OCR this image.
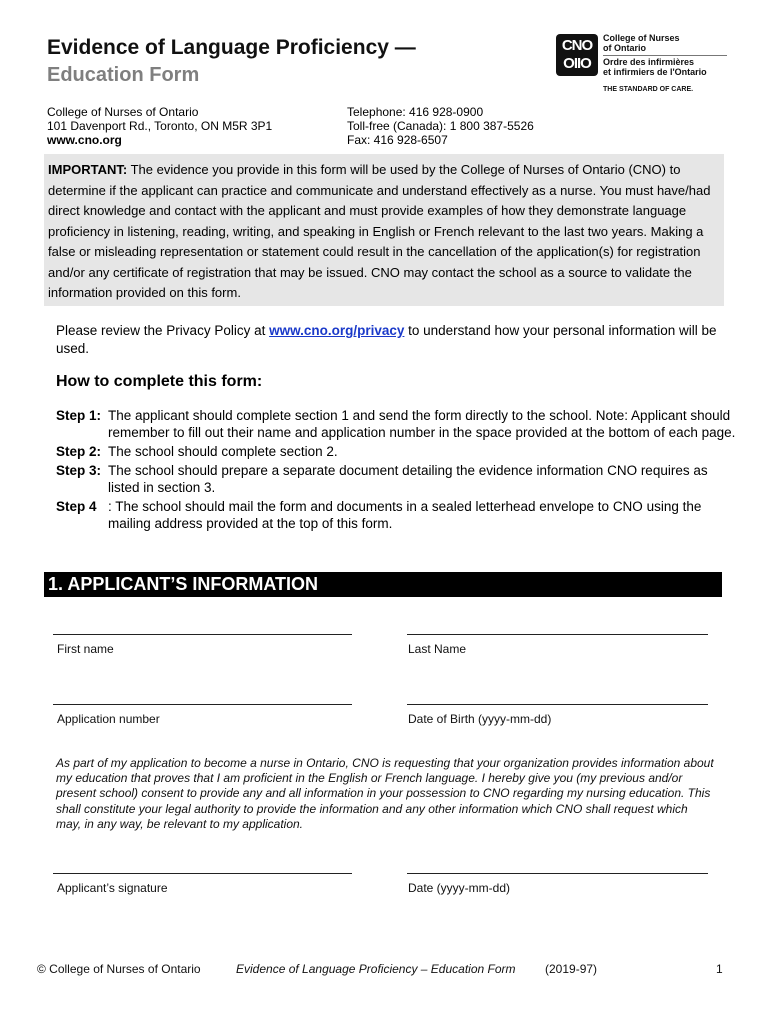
Evidence of Language Proficiency —
Education Form
CNO
OIIO
College of Nurses
of Ontario
Ordre des infirmières
et infirmiers de l'Ontario
THE STANDARD OF CARE.
College of Nurses of Ontario
101 Davenport Rd., Toronto, ON M5R 3P1
www.cno.org
Telephone: 416 928-0900
Toll-free (Canada): 1 800 387-5526
Fax: 416 928-6507
IMPORTANT: The evidence you provide in this form will be used by the College of Nurses of Ontario (CNO) to determine if the applicant can practice and communicate and understand effectively as a nurse. You must have/had direct knowledge and contact with the applicant and must provide examples of how they demonstrate language proficiency in listening, reading, writing, and speaking in English or French relevant to the last two years. Making a false or misleading representation or statement could result in the cancellation of the application(s) for registration and/or any certificate of registration that may be issued. CNO may contact the school as a source to validate the information provided on this form.
Please review the Privacy Policy at www.cno.org/privacy to understand how your personal information will be used.
How to complete this form:
Step 1: The applicant should complete section 1 and send the form directly to the school. Note: Applicant should remember to fill out their name and application number in the space provided at the bottom of each page.
Step 2: The school should complete section 2.
Step 3: The school should prepare a separate document detailing the evidence information CNO requires as listed in section 3.
Step 4 : The school should mail the form and documents in a sealed letterhead envelope to CNO using the mailing address provided at the top of this form.
1. APPLICANT’S INFORMATION
First name	Last Name
Application number	Date of Birth (yyyy-mm-dd)
As part of my application to become a nurse in Ontario, CNO is requesting that your organization provides information about my education that proves that I am proficient in the English or French language. I hereby give you (my previous and/or present school) consent to provide any and all information in your possession to CNO regarding my nursing education. This shall constitute your legal authority to provide the information and any other information which CNO shall request which may, in any way, be relevant to my application.
Applicant’s signature	Date (yyyy-mm-dd)
© College of Nurses of Ontario	Evidence of Language Proficiency – Education Form (2019-97)	1
